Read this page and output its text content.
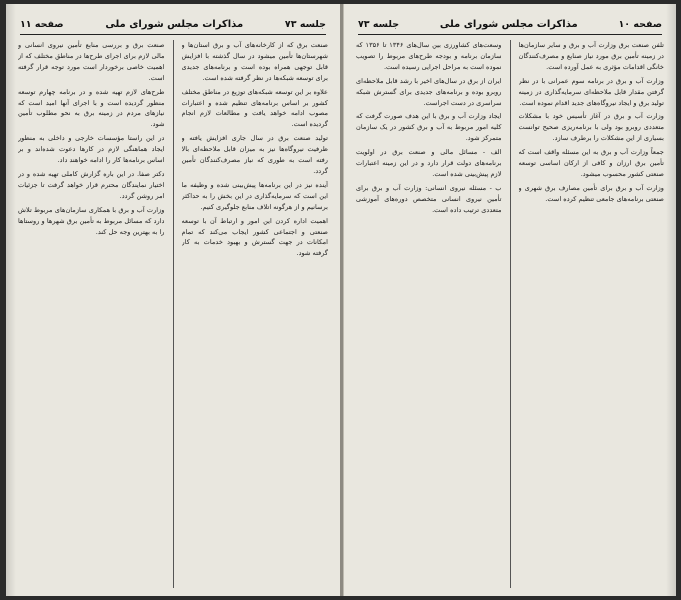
جلسه ۷۳
مذاکرات مجلس شورای ملی
صفحه ۱۱

صنعت برق که از کارخانه‌های آب و برق استان‌ها و شهرستان‌ها تأمین میشود در سال گذشته با افزایش قابل توجهی همراه بوده است و برنامه‌های جدیدی برای توسعه شبکه‌ها در نظر گرفته شده است.

علاوه بر این توسعه شبکه‌های توزیع در مناطق مختلف کشور بر اساس برنامه‌های تنظیم شده و اعتبارات مصوب ادامه خواهد یافت و مطالعات لازم انجام گردیده است.

تولید صنعت برق در سال جاری افزایش یافته و ظرفیت نیروگاه‌ها نیز به میزان قابل ملاحظه‌ای بالا رفته است به طوری که نیاز مصرف‌کنندگان تأمین گردد.

آینده نیز در این برنامه‌ها پیش‌بینی شده و وظیفه ما این است که سرمایه‌گذاری در این بخش را به حداکثر برسانیم و از هرگونه اتلاف منابع جلوگیری کنیم.

اهمیت اداره کردن این امور و ارتباط آن با توسعه صنعتی و اجتماعی کشور ایجاب می‌کند که تمام امکانات در جهت گسترش و بهبود خدمات به کار گرفته شود.

صنعت برق و بررسی منابع تأمین نیروی انسانی و مالی لازم برای اجرای طرح‌ها در مناطق مختلف که از اهمیت خاصی برخوردار است مورد توجه قرار گرفته است.

طرح‌های لازم تهیه شده و در برنامه چهارم توسعه منظور گردیده است و با اجرای آنها امید است که نیازهای مردم در زمینه برق به نحو مطلوب تأمین شود.

در این راستا مؤسسات خارجی و داخلی به منظور ایجاد هماهنگی لازم در کارها دعوت شده‌اند و بر اساس برنامه‌ها کار را ادامه خواهند داد.

دکتر صفا. در این باره گزارش کاملی تهیه شده و در اختیار نمایندگان محترم قرار خواهد گرفت تا جزئیات امر روشن گردد.

وزارت آب و برق با همکاری سازمان‌های مربوط تلاش دارد که مسائل مربوط به تأمین برق شهرها و روستاها را به بهترین وجه حل کند.

صفحه ۱۰
مذاکرات مجلس شورای ملی
جلسه ۷۳

تلفن صنعت برق وزارت آب و برق و سایر سازمان‌ها در زمینه تأمین برق مورد نیاز صنایع و مصرف‌کنندگان خانگی اقدامات مؤثری به عمل آورده است.

وزارت آب و برق در برنامه سوم عمرانی با در نظر گرفتن مقدار قابل ملاحظه‌ای سرمایه‌گذاری در زمینه تولید برق و ایجاد نیروگاه‌های جدید اقدام نموده است.

وزارت آب و برق در آغاز تأسیس خود با مشکلات متعددی روبرو بود ولی با برنامه‌ریزی صحیح توانست بسیاری از این مشکلات را برطرف سازد.

جمعاً وزارت آب و برق به این مسئله واقف است که تأمین برق ارزان و کافی از ارکان اساسی توسعه صنعتی کشور محسوب میشود.

وزارت آب و برق برای تأمین مصارف برق شهری و صنعتی برنامه‌های جامعی تنظیم کرده است.

وسعت‌های کشاورزی بین سال‌های ۱۳۴۶ تا ۱۳۵۶ که سازمان برنامه و بودجه طرح‌های مربوط را تصویب نموده است به مراحل اجرایی رسیده است.

ایران از برق در سال‌های اخیر با رشد قابل ملاحظه‌ای روبرو بوده و برنامه‌های جدیدی برای گسترش شبکه سراسری در دست اجراست.

ایجاد وزارت آب و برق با این هدف صورت گرفت که کلیه امور مربوط به آب و برق کشور در یک سازمان متمرکز شود.

الف - مسائل مالی و صنعت برق در اولویت برنامه‌های دولت قرار دارد و در این زمینه اعتبارات لازم پیش‌بینی شده است.

ب - مسئله نیروی انسانی: وزارت آب و برق برای تأمین نیروی انسانی متخصص دوره‌های آموزشی متعددی ترتیب داده است.
